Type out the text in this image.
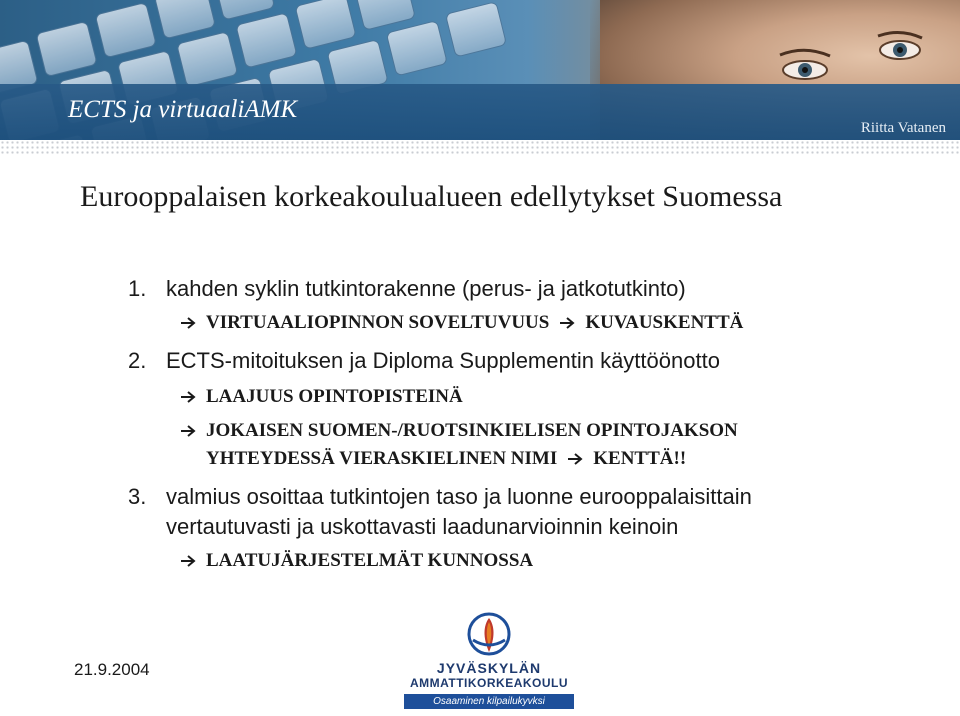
ECTS ja virtuaaliAMK
Riitta Vatanen
Eurooppalaisen korkeakoulualueen edellytykset Suomessa
1. kahden syklin tutkintorakenne (perus- ja jatkotutkinto)
VIRTUAALIOPINNON SOVELTUVUUS KUVAUSKENTTÄ
2. ECTS-mitoituksen ja Diploma Supplementin käyttöönotto
LAAJUUS OPINTOPISTEINÄ
JOKAISEN SUOMEN-/RUOTSINKIELISEN OPINTOJAKSON
YHTEYDESSÄ VIERASKIELINEN NIMI KENTTÄ!!
3. valmius osoittaa tutkintojen taso ja luonne eurooppalaisittain
vertautuvasti ja uskottavasti laadunarvioinnin keinoin
LAATUJÄRJESTELMÄT KUNNOSSA
21.9.2004	JYVÄSKYLÄN
AMMATTIKORKEAKOULU
Osaaminen kilpailukyvksi
